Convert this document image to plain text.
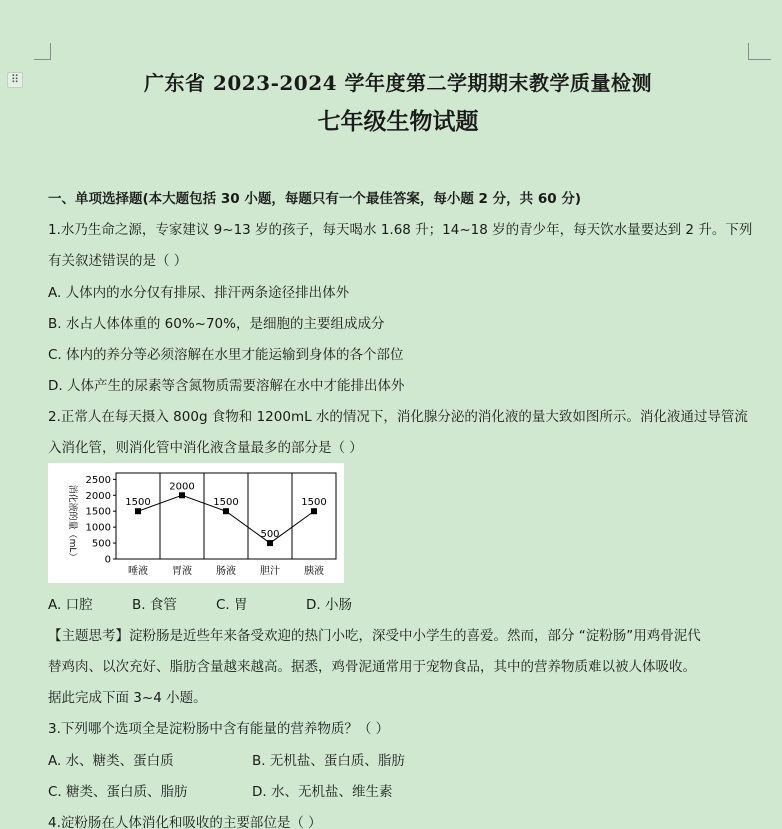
⠿	广东省 2023-2024 学年度第二学期期末教学质量检测
七年级生物试题
一、单项选择题(本大题包括 30 小题，每题只有一个最佳答案，每小题 2 分，共 60 分)
1.水乃生命之源，专家建议 9~13 岁的孩子，每天喝水 1.68 升；14~18 岁的青少年，每天饮水量要达到 2 升。下列
有关叙述错误的是（ ）
A. 人体内的水分仅有排尿、排汗两条途径排出体外
B. 水占人体体重的 60%~70%，是细胞的主要组成成分
C. 体内的养分等必须溶解在水里才能运输到身体的各个部位
D. 人体产生的尿素等含氮物质需要溶解在水中才能排出体外
2.正常人在每天摄入 800g 食物和 1200mL 水的情况下，消化腺分泌的消化液的量大致如图所示。消化液通过导管流
入消化管，则消化管中消化液含量最多的部分是（ ）
消化液的量（mL）	0
500
1000
1500
2000
2500
1500
唾液
2000
胃液
1500
肠液
500
胆汁
1500
胰液
A. 口腔	B. 食管	C. 胃	D. 小肠
【主题思考】淀粉肠是近些年来备受欢迎的热门小吃，深受中小学生的喜爱。然而，部分 “淀粉肠”用鸡骨泥代
替鸡肉、以次充好、脂肪含量越来越高。据悉，鸡骨泥通常用于宠物食品，其中的营养物质难以被人体吸收。
据此完成下面 3~4 小题。
3.下列哪个选项全是淀粉肠中含有能量的营养物质？（ ）
A. 水、糖类、蛋白质	B. 无机盐、蛋白质、脂肪
C. 糖类、蛋白质、脂肪	D. 水、无机盐、维生素
4.淀粉肠在人体消化和吸收的主要部位是（ ）
